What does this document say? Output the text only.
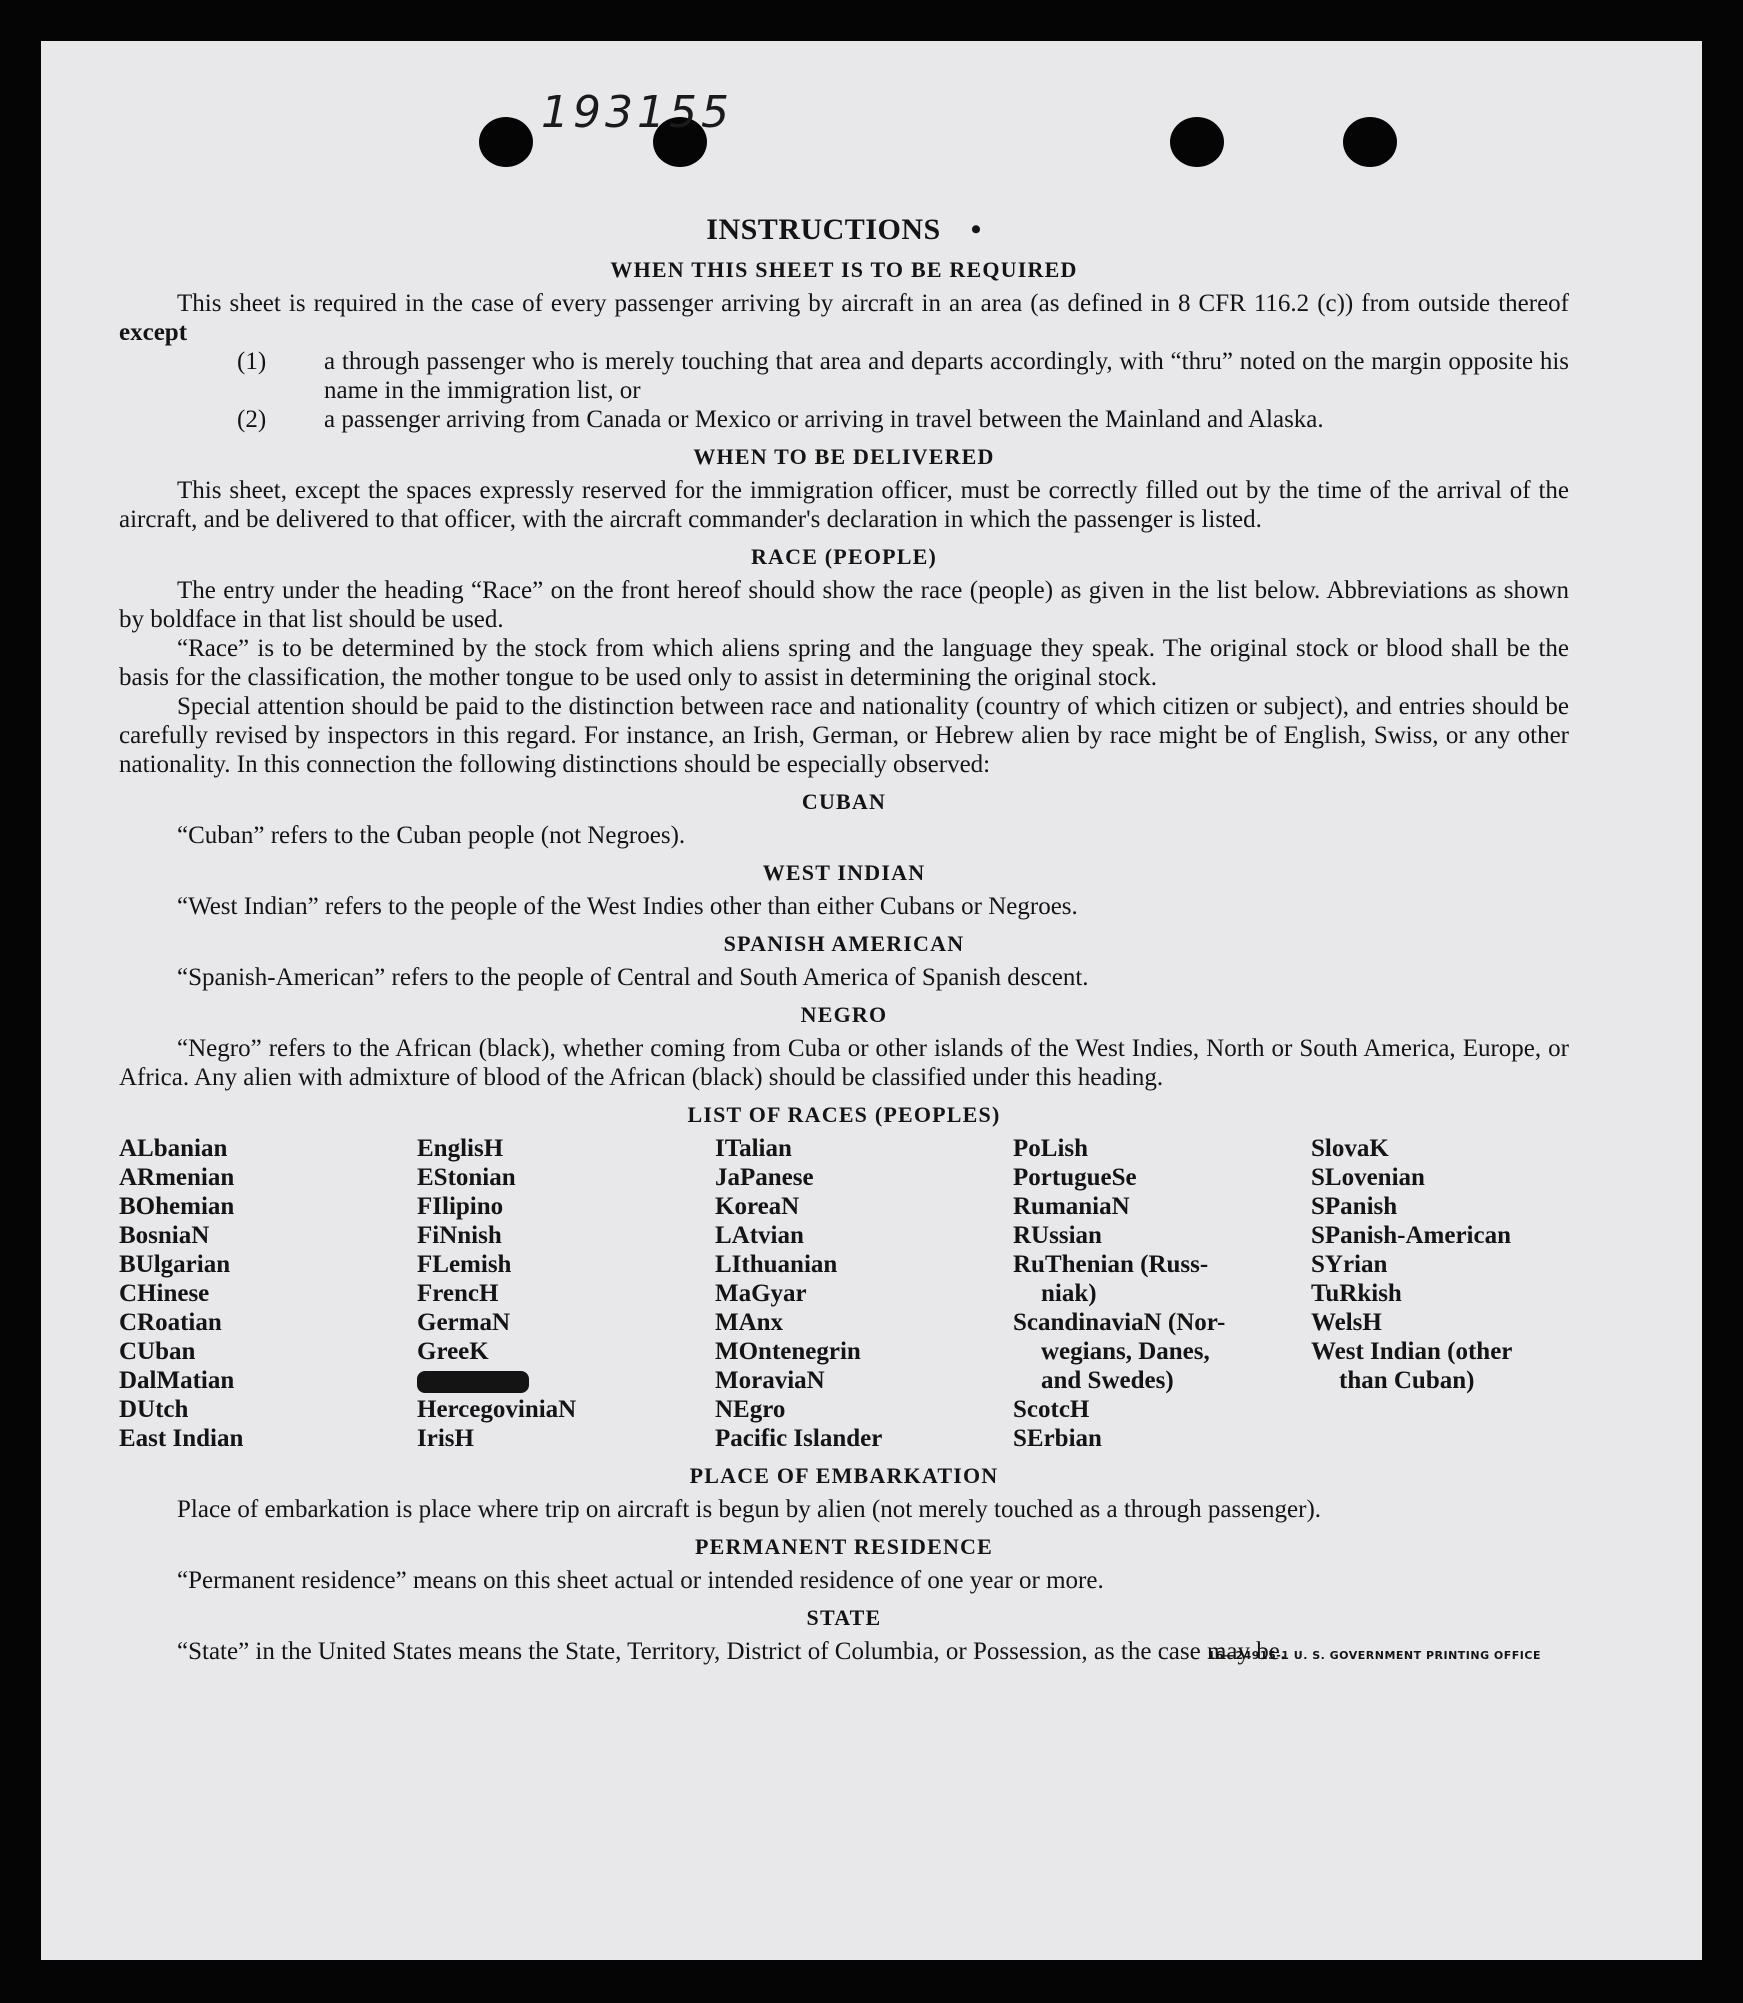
193155
INSTRUCTIONS •
WHEN THIS SHEET IS TO BE REQUIRED

This sheet is required in the case of every passenger arriving by aircraft in an area (as defined in 8 CFR 116.2 (c)) from outside thereof except

(1) a through passenger who is merely touching that area and departs accordingly, with “thru” noted on the margin opposite his name in the immigration list, or
(2) a passenger arriving from Canada or Mexico or arriving in travel between the Mainland and Alaska.
WHEN TO BE DELIVERED

This sheet, except the spaces expressly reserved for the immigration officer, must be correctly filled out by the time of the arrival of the aircraft, and be delivered to that officer, with the aircraft commander's declaration in which the passenger is listed.

RACE (PEOPLE)

The entry under the heading “Race” on the front hereof should show the race (people) as given in the list below. Abbreviations as shown by boldface in that list should be used.

“Race” is to be determined by the stock from which aliens spring and the language they speak. The original stock or blood shall be the basis for the classification, the mother tongue to be used only to assist in determining the original stock.

Special attention should be paid to the distinction between race and nationality (country of which citizen or subject), and entries should be carefully revised by inspectors in this regard. For instance, an Irish, German, or Hebrew alien by race might be of English, Swiss, or any other nationality. In this connection the following distinctions should be especially observed:

CUBAN

“Cuban” refers to the Cuban people (not Negroes).

WEST INDIAN

“West Indian” refers to the people of the West Indies other than either Cubans or Negroes.

SPANISH AMERICAN

“Spanish-American” refers to the people of Central and South America of Spanish descent.

NEGRO

“Negro” refers to the African (black), whether coming from Cuba or other islands of the West Indies, North or South America, Europe, or Africa. Any alien with admixture of blood of the African (black) should be classified under this heading.

LIST OF RACES (PEOPLES)
ALbanian
ARmenian
BOhemian
BosniaN
BUlgarian
CHinese
CRoatian
CUban
DalMatian
DUtch
East Indian
EnglisH
EStonian
FIlipino
FiNnish
FLemish
FrencH
GermaN
GreeK
HercegoviniaN
IrisH
ITalian
JaPanese
KoreaN
LAtvian
LIthuanian
MaGyar
MAnx
MOntenegrin
MoraviaN
NEgro
Pacific Islander
PoLish
PortugueSe
RumaniaN
RUssian
RuThenian (Russ-
niak)
ScandinaviaN (Nor-
wegians, Danes,
and Swedes)
ScotcH
SErbian
SlovaK
SLovenian
SPanish
SPanish-American
SYrian
TuRkish
WelsH
West Indian (other
than Cuban)
PLACE OF EMBARKATION

Place of embarkation is place where trip on aircraft is begun by alien (not merely touched as a through passenger).

PERMANENT RESIDENCE

“Permanent residence” means on this sheet actual or intended residence of one year or more.

STATE

“State” in the United States means the State, Territory, District of Columbia, or Possession, as the case may be.

16—24915-1 U. S. GOVERNMENT PRINTING OFFICE
